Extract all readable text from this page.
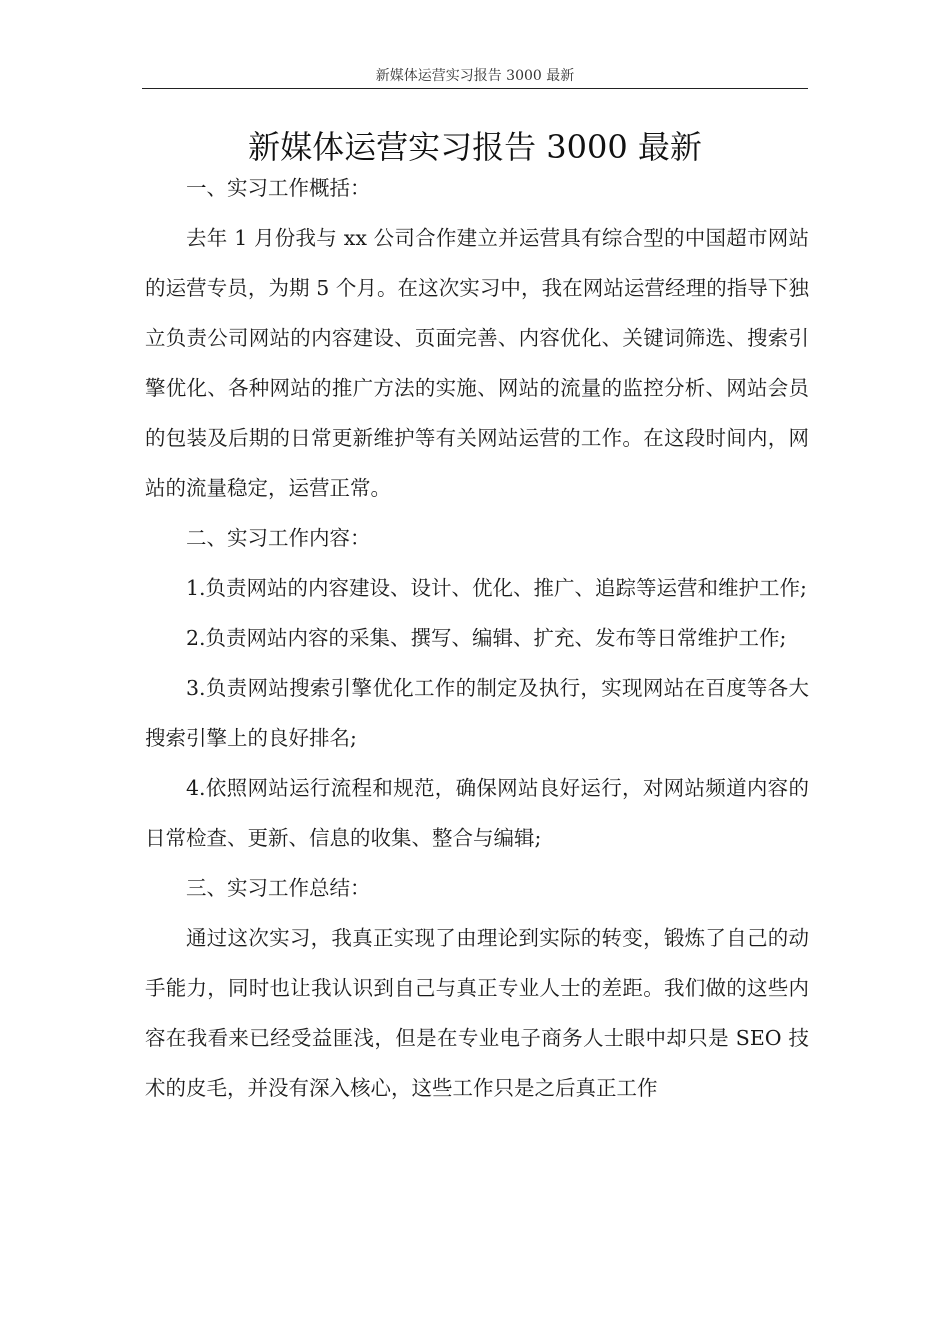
新媒体运营实习报告 3000 最新
新媒体运营实习报告 3000 最新

一、实习工作概括：

去年 1 月份我与 xx 公司合作建立并运营具有综合型的中国超市网站的运营专员，为期 5 个月。在这次实习中，我在网站运营经理的指导下独立负责公司网站的内容建设、页面完善、内容优化、关键词筛选、搜索引擎优化、各种网站的推广方法的实施、网站的流量的监控分析、网站会员的包装及后期的日常更新维护等有关网站运营的工作。在这段时间内，网站的流量稳定，运营正常。

二、实习工作内容：

1.负责网站的内容建设、设计、优化、推广、追踪等运营和维护工作;

2.负责网站内容的采集、撰写、编辑、扩充、发布等日常维护工作;

3.负责网站搜索引擎优化工作的制定及执行，实现网站在百度等各大搜索引擎上的良好排名;

4.依照网站运行流程和规范，确保网站良好运行，对网站频道内容的日常检查、更新、信息的收集、整合与编辑;

三、实习工作总结：

通过这次实习，我真正实现了由理论到实际的转变，锻炼了自己的动手能力，同时也让我认识到自己与真正专业人士的差距。我们做的这些内容在我看来已经受益匪浅，但是在专业电子商务人士眼中却只是 SEO 技术的皮毛，并没有深入核心，这些工作只是之后真正工作
